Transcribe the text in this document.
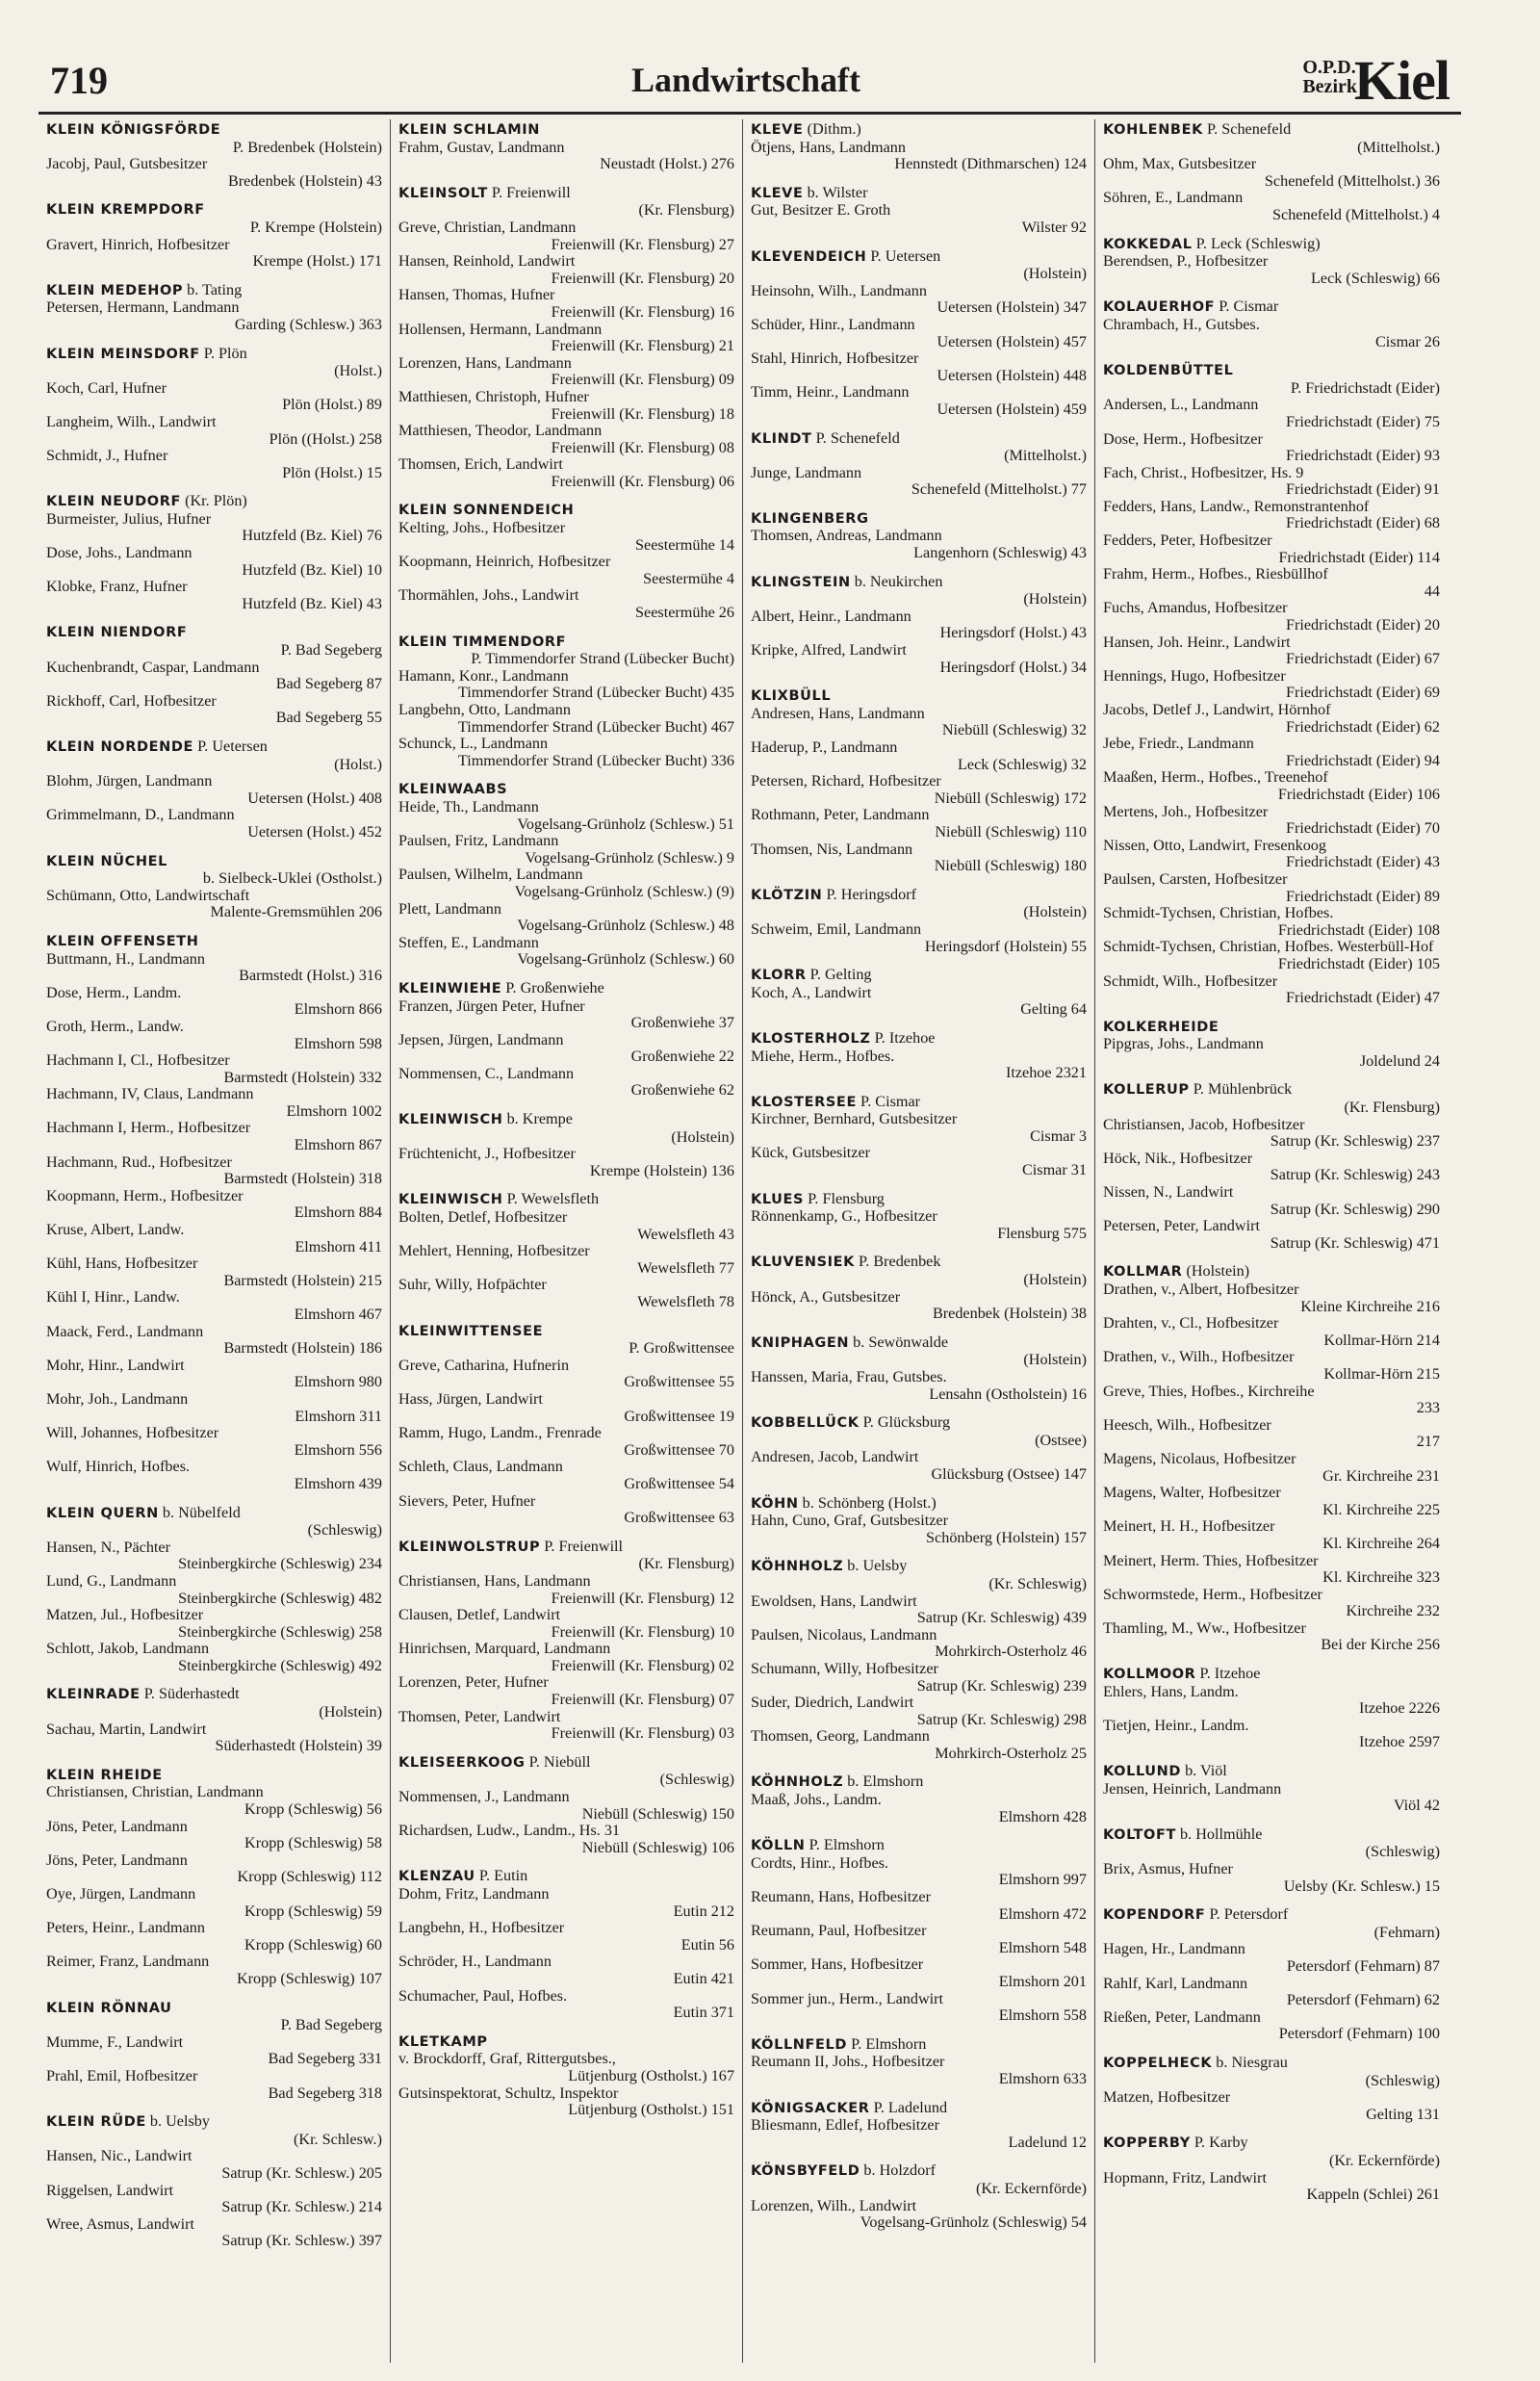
719	Landwirtschaft	O.P.D.
Bezirk
Kiel
KLEIN KÖNIGSFÖRDE
P. Bredenbek (Holstein)
Jacobj, Paul, Gutsbesitzer
Bredenbek (Holstein) 43
KLEIN KREMPDORF
P. Krempe (Holstein)
Gravert, Hinrich, Hofbesitzer
Krempe (Holst.) 171
KLEIN MEDEHOP b. Tating
Petersen, Hermann, Landmann
Garding (Schlesw.) 363
KLEIN MEINSDORF P. Plön
(Holst.)
Koch, Carl, Hufner
Plön (Holst.) 89
Langheim, Wilh., Landwirt
Plön ((Holst.) 258
Schmidt, J., Hufner
Plön (Holst.) 15
KLEIN NEUDORF (Kr. Plön)
Burmeister, Julius, Hufner
Hutzfeld (Bz. Kiel) 76
Dose, Johs., Landmann
Hutzfeld (Bz. Kiel) 10
Klobke, Franz, Hufner
Hutzfeld (Bz. Kiel) 43
KLEIN NIENDORF
P. Bad Segeberg
Kuchenbrandt, Caspar, Landmann
Bad Segeberg 87
Rickhoff, Carl, Hofbesitzer
Bad Segeberg 55
KLEIN NORDENDE P. Uetersen
(Holst.)
Blohm, Jürgen, Landmann
Uetersen (Holst.) 408
Grimmelmann, D., Landmann
Uetersen (Holst.) 452
KLEIN NÜCHEL
b. Sielbeck-Uklei (Ostholst.)
Schümann, Otto, Landwirtschaft
Malente-Gremsmühlen 206
KLEIN OFFENSETH
Buttmann, H., Landmann
Barmstedt (Holst.) 316
Dose, Herm., Landm.
Elmshorn 866
Groth, Herm., Landw.
Elmshorn 598
Hachmann I, Cl., Hofbesitzer
Barmstedt (Holstein) 332
Hachmann, IV, Claus, Landmann
Elmshorn 1002
Hachmann I, Herm., Hofbesitzer
Elmshorn 867
Hachmann, Rud., Hofbesitzer
Barmstedt (Holstein) 318
Koopmann, Herm., Hofbesitzer
Elmshorn 884
Kruse, Albert, Landw.
Elmshorn 411
Kühl, Hans, Hofbesitzer
Barmstedt (Holstein) 215
Kühl I, Hinr., Landw.
Elmshorn 467
Maack, Ferd., Landmann
Barmstedt (Holstein) 186
Mohr, Hinr., Landwirt
Elmshorn 980
Mohr, Joh., Landmann
Elmshorn 311
Will, Johannes, Hofbesitzer
Elmshorn 556
Wulf, Hinrich, Hofbes.
Elmshorn 439
KLEIN QUERN b. Nübelfeld
(Schleswig)
Hansen, N., Pächter
Steinbergkirche (Schleswig) 234
Lund, G., Landmann
Steinbergkirche (Schleswig) 482
Matzen, Jul., Hofbesitzer
Steinbergkirche (Schleswig) 258
Schlott, Jakob, Landmann
Steinbergkirche (Schleswig) 492
KLEINRADE P. Süderhastedt
(Holstein)
Sachau, Martin, Landwirt
Süderhastedt (Holstein) 39
KLEIN RHEIDE
Christiansen, Christian, Landmann
Kropp (Schleswig) 56
Jöns, Peter, Landmann
Kropp (Schleswig) 58
Jöns, Peter, Landmann
Kropp (Schleswig) 112
Oye, Jürgen, Landmann
Kropp (Schleswig) 59
Peters, Heinr., Landmann
Kropp (Schleswig) 60
Reimer, Franz, Landmann
Kropp (Schleswig) 107
KLEIN RÖNNAU
P. Bad Segeberg
Mumme, F., Landwirt
Bad Segeberg 331
Prahl, Emil, Hofbesitzer
Bad Segeberg 318
KLEIN RÜDE b. Uelsby
(Kr. Schlesw.)
Hansen, Nic., Landwirt
Satrup (Kr. Schlesw.) 205
Riggelsen, Landwirt
Satrup (Kr. Schlesw.) 214
Wree, Asmus, Landwirt
Satrup (Kr. Schlesw.) 397
KLEIN SCHLAMIN
Frahm, Gustav, Landmann
Neustadt (Holst.) 276
KLEINSOLT P. Freienwill
(Kr. Flensburg)
Greve, Christian, Landmann
Freienwill (Kr. Flensburg) 27
Hansen, Reinhold, Landwirt
Freienwill (Kr. Flensburg) 20
Hansen, Thomas, Hufner
Freienwill (Kr. Flensburg) 16
Hollensen, Hermann, Landmann
Freienwill (Kr. Flensburg) 21
Lorenzen, Hans, Landmann
Freienwill (Kr. Flensburg) 09
Matthiesen, Christoph, Hufner
Freienwill (Kr. Flensburg) 18
Matthiesen, Theodor, Landmann
Freienwill (Kr. Flensburg) 08
Thomsen, Erich, Landwirt
Freienwill (Kr. Flensburg) 06
KLEIN SONNENDEICH
Kelting, Johs., Hofbesitzer
Seestermühe 14
Koopmann, Heinrich, Hofbesitzer
Seestermühe 4
Thormählen, Johs., Landwirt
Seestermühe 26
KLEIN TIMMENDORF
P. Timmendorfer Strand (Lübecker Bucht)
Hamann, Konr., Landmann
Timmendorfer Strand (Lübecker Bucht) 435
Langbehn, Otto, Landmann
Timmendorfer Strand (Lübecker Bucht) 467
Schunck, L., Landmann
Timmendorfer Strand (Lübecker Bucht) 336
KLEINWAABS
Heide, Th., Landmann
Vogelsang-Grünholz (Schlesw.) 51
Paulsen, Fritz, Landmann
Vogelsang-Grünholz (Schlesw.) 9
Paulsen, Wilhelm, Landmann
Vogelsang-Grünholz (Schlesw.) (9)
Plett, Landmann
Vogelsang-Grünholz (Schlesw.) 48
Steffen, E., Landmann
Vogelsang-Grünholz (Schlesw.) 60
KLEINWIEHE P. Großenwiehe
Franzen, Jürgen Peter, Hufner
Großenwiehe 37
Jepsen, Jürgen, Landmann
Großenwiehe 22
Nommensen, C., Landmann
Großenwiehe 62
KLEINWISCH b. Krempe
(Holstein)
Früchtenicht, J., Hofbesitzer
Krempe (Holstein) 136
KLEINWISCH P. Wewelsfleth
Bolten, Detlef, Hofbesitzer
Wewelsfleth 43
Mehlert, Henning, Hofbesitzer
Wewelsfleth 77
Suhr, Willy, Hofpächter
Wewelsfleth 78
KLEINWITTENSEE
P. Großwittensee
Greve, Catharina, Hufnerin
Großwittensee 55
Hass, Jürgen, Landwirt
Großwittensee 19
Ramm, Hugo, Landm., Frenrade
Großwittensee 70
Schleth, Claus, Landmann
Großwittensee 54
Sievers, Peter, Hufner
Großwittensee 63
KLEINWOLSTRUP P. Freienwill
(Kr. Flensburg)
Christiansen, Hans, Landmann
Freienwill (Kr. Flensburg) 12
Clausen, Detlef, Landwirt
Freienwill (Kr. Flensburg) 10
Hinrichsen, Marquard, Landmann
Freienwill (Kr. Flensburg) 02
Lorenzen, Peter, Hufner
Freienwill (Kr. Flensburg) 07
Thomsen, Peter, Landwirt
Freienwill (Kr. Flensburg) 03
KLEISEERKOOG P. Niebüll
(Schleswig)
Nommensen, J., Landmann
Niebüll (Schleswig) 150
Richardsen, Ludw., Landm., Hs. 31
Niebüll (Schleswig) 106
KLENZAU P. Eutin
Dohm, Fritz, Landmann
Eutin 212
Langbehn, H., Hofbesitzer
Eutin 56
Schröder, H., Landmann
Eutin 421
Schumacher, Paul, Hofbes.
Eutin 371
KLETKAMP
v. Brockdorff, Graf, Rittergutsbes.,
Lütjenburg (Ostholst.) 167
Gutsinspektorat, Schultz, Inspektor
Lütjenburg (Ostholst.) 151
KLEVE (Dithm.)
Ötjens, Hans, Landmann
Hennstedt (Dithmarschen) 124
KLEVE b. Wilster
Gut, Besitzer E. Groth
Wilster 92
KLEVENDEICH P. Uetersen
(Holstein)
Heinsohn, Wilh., Landmann
Uetersen (Holstein) 347
Schüder, Hinr., Landmann
Uetersen (Holstein) 457
Stahl, Hinrich, Hofbesitzer
Uetersen (Holstein) 448
Timm, Heinr., Landmann
Uetersen (Holstein) 459
KLINDT P. Schenefeld
(Mittelholst.)
Junge, Landmann
Schenefeld (Mittelholst.) 77
KLINGENBERG
Thomsen, Andreas, Landmann
Langenhorn (Schleswig) 43
KLINGSTEIN b. Neukirchen
(Holstein)
Albert, Heinr., Landmann
Heringsdorf (Holst.) 43
Kripke, Alfred, Landwirt
Heringsdorf (Holst.) 34
KLIXBÜLL
Andresen, Hans, Landmann
Niebüll (Schleswig) 32
Haderup, P., Landmann
Leck (Schleswig) 32
Petersen, Richard, Hofbesitzer
Niebüll (Schleswig) 172
Rothmann, Peter, Landmann
Niebüll (Schleswig) 110
Thomsen, Nis, Landmann
Niebüll (Schleswig) 180
KLÖTZIN P. Heringsdorf
(Holstein)
Schweim, Emil, Landmann
Heringsdorf (Holstein) 55
KLORR P. Gelting
Koch, A., Landwirt
Gelting 64
KLOSTERHOLZ P. Itzehoe
Miehe, Herm., Hofbes.
Itzehoe 2321
KLOSTERSEE P. Cismar
Kirchner, Bernhard, Gutsbesitzer
Cismar 3
Kück, Gutsbesitzer
Cismar 31
KLUES P. Flensburg
Rönnenkamp, G., Hofbesitzer
Flensburg 575
KLUVENSIEK P. Bredenbek
(Holstein)
Hönck, A., Gutsbesitzer
Bredenbek (Holstein) 38
KNIPHAGEN b. Sewönwalde
(Holstein)
Hanssen, Maria, Frau, Gutsbes.
Lensahn (Ostholstein) 16
KOBBELLÜCK P. Glücksburg
(Ostsee)
Andresen, Jacob, Landwirt
Glücksburg (Ostsee) 147
KÖHN b. Schönberg (Holst.)
Hahn, Cuno, Graf, Gutsbesitzer
Schönberg (Holstein) 157
KÖHNHOLZ b. Uelsby
(Kr. Schleswig)
Ewoldsen, Hans, Landwirt
Satrup (Kr. Schleswig) 439
Paulsen, Nicolaus, Landmann
Mohrkirch-Osterholz 46
Schumann, Willy, Hofbesitzer
Satrup (Kr. Schleswig) 239
Suder, Diedrich, Landwirt
Satrup (Kr. Schleswig) 298
Thomsen, Georg, Landmann
Mohrkirch-Osterholz 25
KÖHNHOLZ b. Elmshorn
Maaß, Johs., Landm.
Elmshorn 428
KÖLLN P. Elmshorn
Cordts, Hinr., Hofbes.
Elmshorn 997
Reumann, Hans, Hofbesitzer
Elmshorn 472
Reumann, Paul, Hofbesitzer
Elmshorn 548
Sommer, Hans, Hofbesitzer
Elmshorn 201
Sommer jun., Herm., Landwirt
Elmshorn 558
KÖLLNFELD P. Elmshorn
Reumann II, Johs., Hofbesitzer
Elmshorn 633
KÖNIGSACKER P. Ladelund
Bliesmann, Edlef, Hofbesitzer
Ladelund 12
KÖNSBYFELD b. Holzdorf
(Kr. Eckernförde)
Lorenzen, Wilh., Landwirt
Vogelsang-Grünholz (Schleswig) 54
KOHLENBEK P. Schenefeld
(Mittelholst.)
Ohm, Max, Gutsbesitzer
Schenefeld (Mittelholst.) 36
Söhren, E., Landmann
Schenefeld (Mittelholst.) 4
KOKKEDAL P. Leck (Schleswig)
Berendsen, P., Hofbesitzer
Leck (Schleswig) 66
KOLAUERHOF P. Cismar
Chrambach, H., Gutsbes.
Cismar 26
KOLDENBÜTTEL
P. Friedrichstadt (Eider)
Andersen, L., Landmann
Friedrichstadt (Eider) 75
Dose, Herm., Hofbesitzer
Friedrichstadt (Eider) 93
Fach, Christ., Hofbesitzer, Hs. 9
Friedrichstadt (Eider) 91
Fedders, Hans, Landw., Remonstrantenhof
Friedrichstadt (Eider) 68
Fedders, Peter, Hofbesitzer
Friedrichstadt (Eider) 114
Frahm, Herm., Hofbes., Riesbüllhof
44
Fuchs, Amandus, Hofbesitzer
Friedrichstadt (Eider) 20
Hansen, Joh. Heinr., Landwirt
Friedrichstadt (Eider) 67
Hennings, Hugo, Hofbesitzer
Friedrichstadt (Eider) 69
Jacobs, Detlef J., Landwirt, Hörnhof
Friedrichstadt (Eider) 62
Jebe, Friedr., Landmann
Friedrichstadt (Eider) 94
Maaßen, Herm., Hofbes., Treenehof
Friedrichstadt (Eider) 106
Mertens, Joh., Hofbesitzer
Friedrichstadt (Eider) 70
Nissen, Otto, Landwirt, Fresenkoog
Friedrichstadt (Eider) 43
Paulsen, Carsten, Hofbesitzer
Friedrichstadt (Eider) 89
Schmidt-Tychsen, Christian, Hofbes.
Friedrichstadt (Eider) 108
Schmidt-Tychsen, Christian, Hofbes. Westerbüll-Hof
Friedrichstadt (Eider) 105
Schmidt, Wilh., Hofbesitzer
Friedrichstadt (Eider) 47
KOLKERHEIDE
Pipgras, Johs., Landmann
Joldelund 24
KOLLERUP P. Mühlenbrück
(Kr. Flensburg)
Christiansen, Jacob, Hofbesitzer
Satrup (Kr. Schleswig) 237
Höck, Nik., Hofbesitzer
Satrup (Kr. Schleswig) 243
Nissen, N., Landwirt
Satrup (Kr. Schleswig) 290
Petersen, Peter, Landwirt
Satrup (Kr. Schleswig) 471
KOLLMAR (Holstein)
Drathen, v., Albert, Hofbesitzer
Kleine Kirchreihe 216
Drahten, v., Cl., Hofbesitzer
Kollmar-Hörn 214
Drathen, v., Wilh., Hofbesitzer
Kollmar-Hörn 215
Greve, Thies, Hofbes., Kirchreihe
233
Heesch, Wilh., Hofbesitzer
217
Magens, Nicolaus, Hofbesitzer
Gr. Kirchreihe 231
Magens, Walter, Hofbesitzer
Kl. Kirchreihe 225
Meinert, H. H., Hofbesitzer
Kl. Kirchreihe 264
Meinert, Herm. Thies, Hofbesitzer
Kl. Kirchreihe 323
Schwormstede, Herm., Hofbesitzer
Kirchreihe 232
Thamling, M., Ww., Hofbesitzer
Bei der Kirche 256
KOLLMOOR P. Itzehoe
Ehlers, Hans, Landm.
Itzehoe 2226
Tietjen, Heinr., Landm.
Itzehoe 2597
KOLLUND b. Viöl
Jensen, Heinrich, Landmann
Viöl 42
KOLTOFT b. Hollmühle
(Schleswig)
Brix, Asmus, Hufner
Uelsby (Kr. Schlesw.) 15
KOPENDORF P. Petersdorf
(Fehmarn)
Hagen, Hr., Landmann
Petersdorf (Fehmarn) 87
Rahlf, Karl, Landmann
Petersdorf (Fehmarn) 62
Rießen, Peter, Landmann
Petersdorf (Fehmarn) 100
KOPPELHECK b. Niesgrau
(Schleswig)
Matzen, Hofbesitzer
Gelting 131
KOPPERBY P. Karby
(Kr. Eckernförde)
Hopmann, Fritz, Landwirt
Kappeln (Schlei) 261
